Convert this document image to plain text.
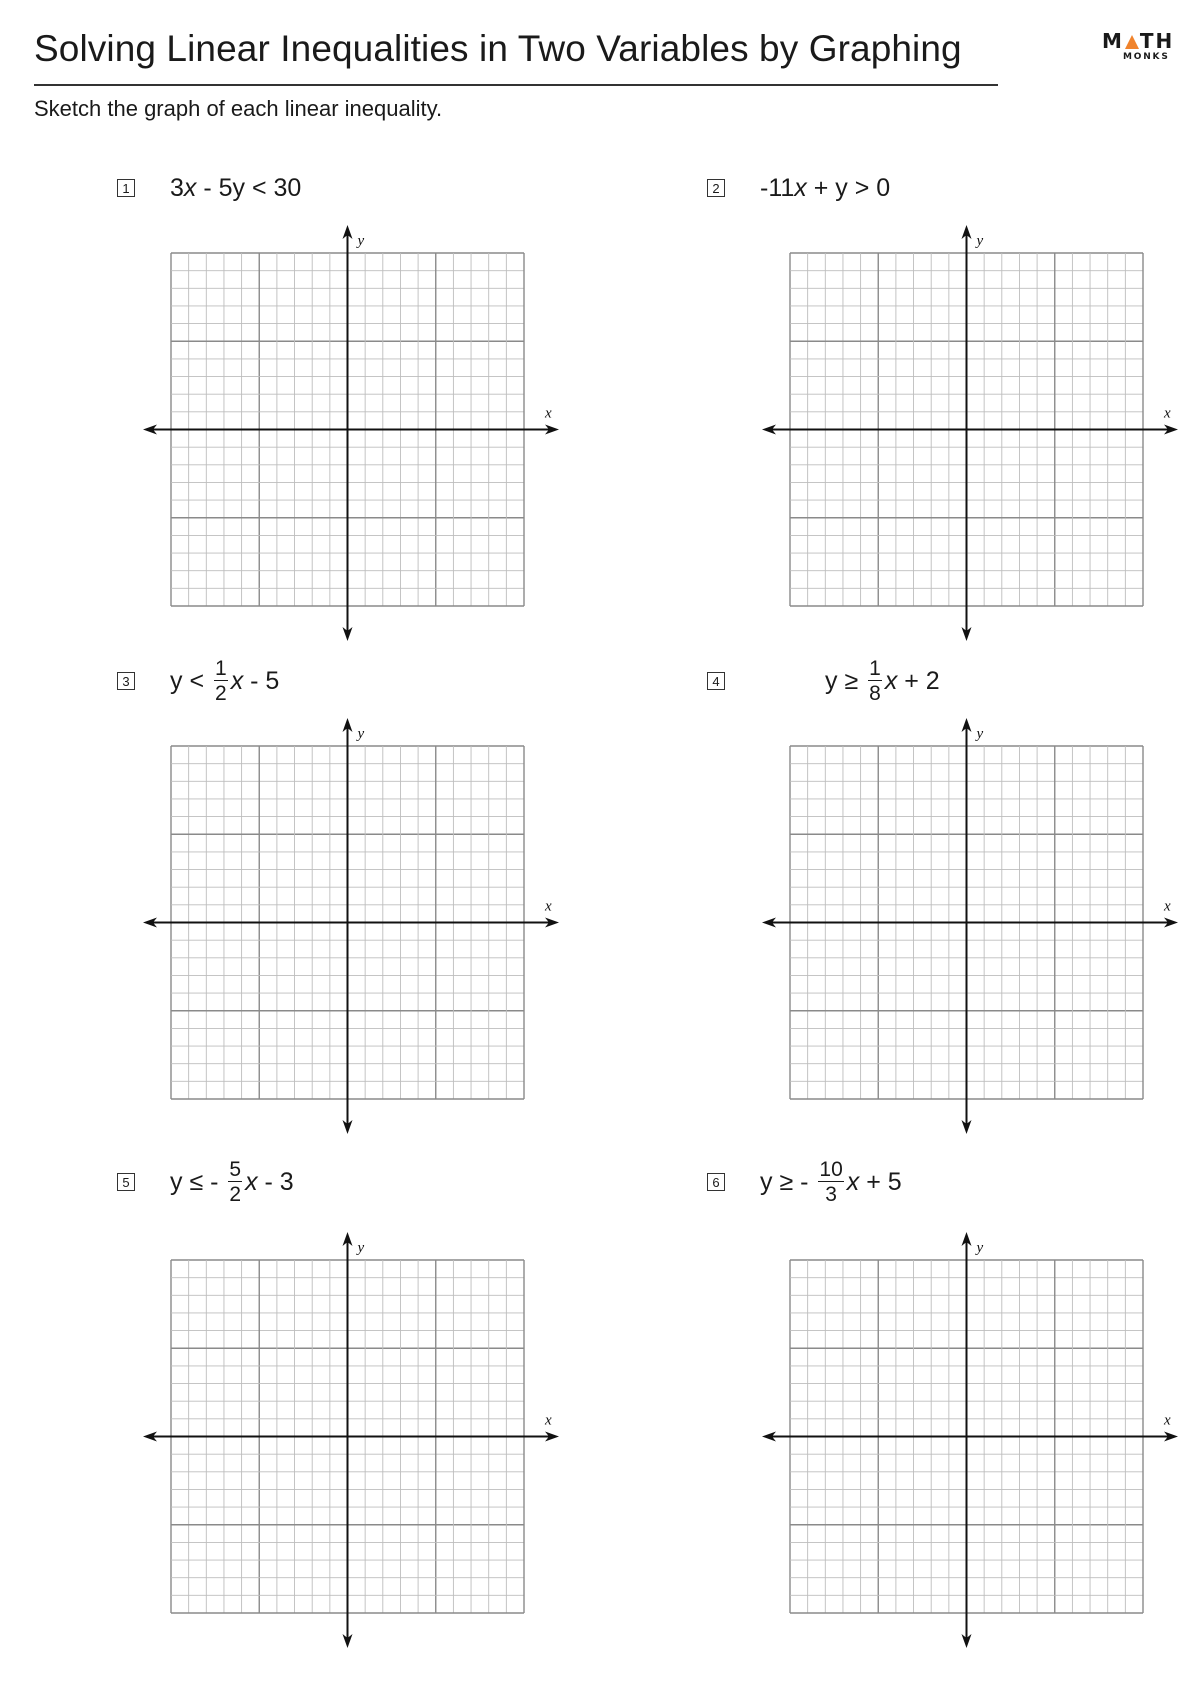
Solving Linear Inequalities in Two Variables by Graphing
Sketch the graph of each linear inequality.
M TH
MONKS
1 3 x - 5y < 30
x
y
2 -11 x + y > 0
x
y
3 $y < \frac{1}{2}$ x - 5
x
y
4	$y \ge \frac{1}{8}$ x + 2
x
y
5 y ≤ - $\frac{5}{2}$ x - 3
x
y
6 y ≥ - $\frac{10}{3}$ x + 5
x
y
